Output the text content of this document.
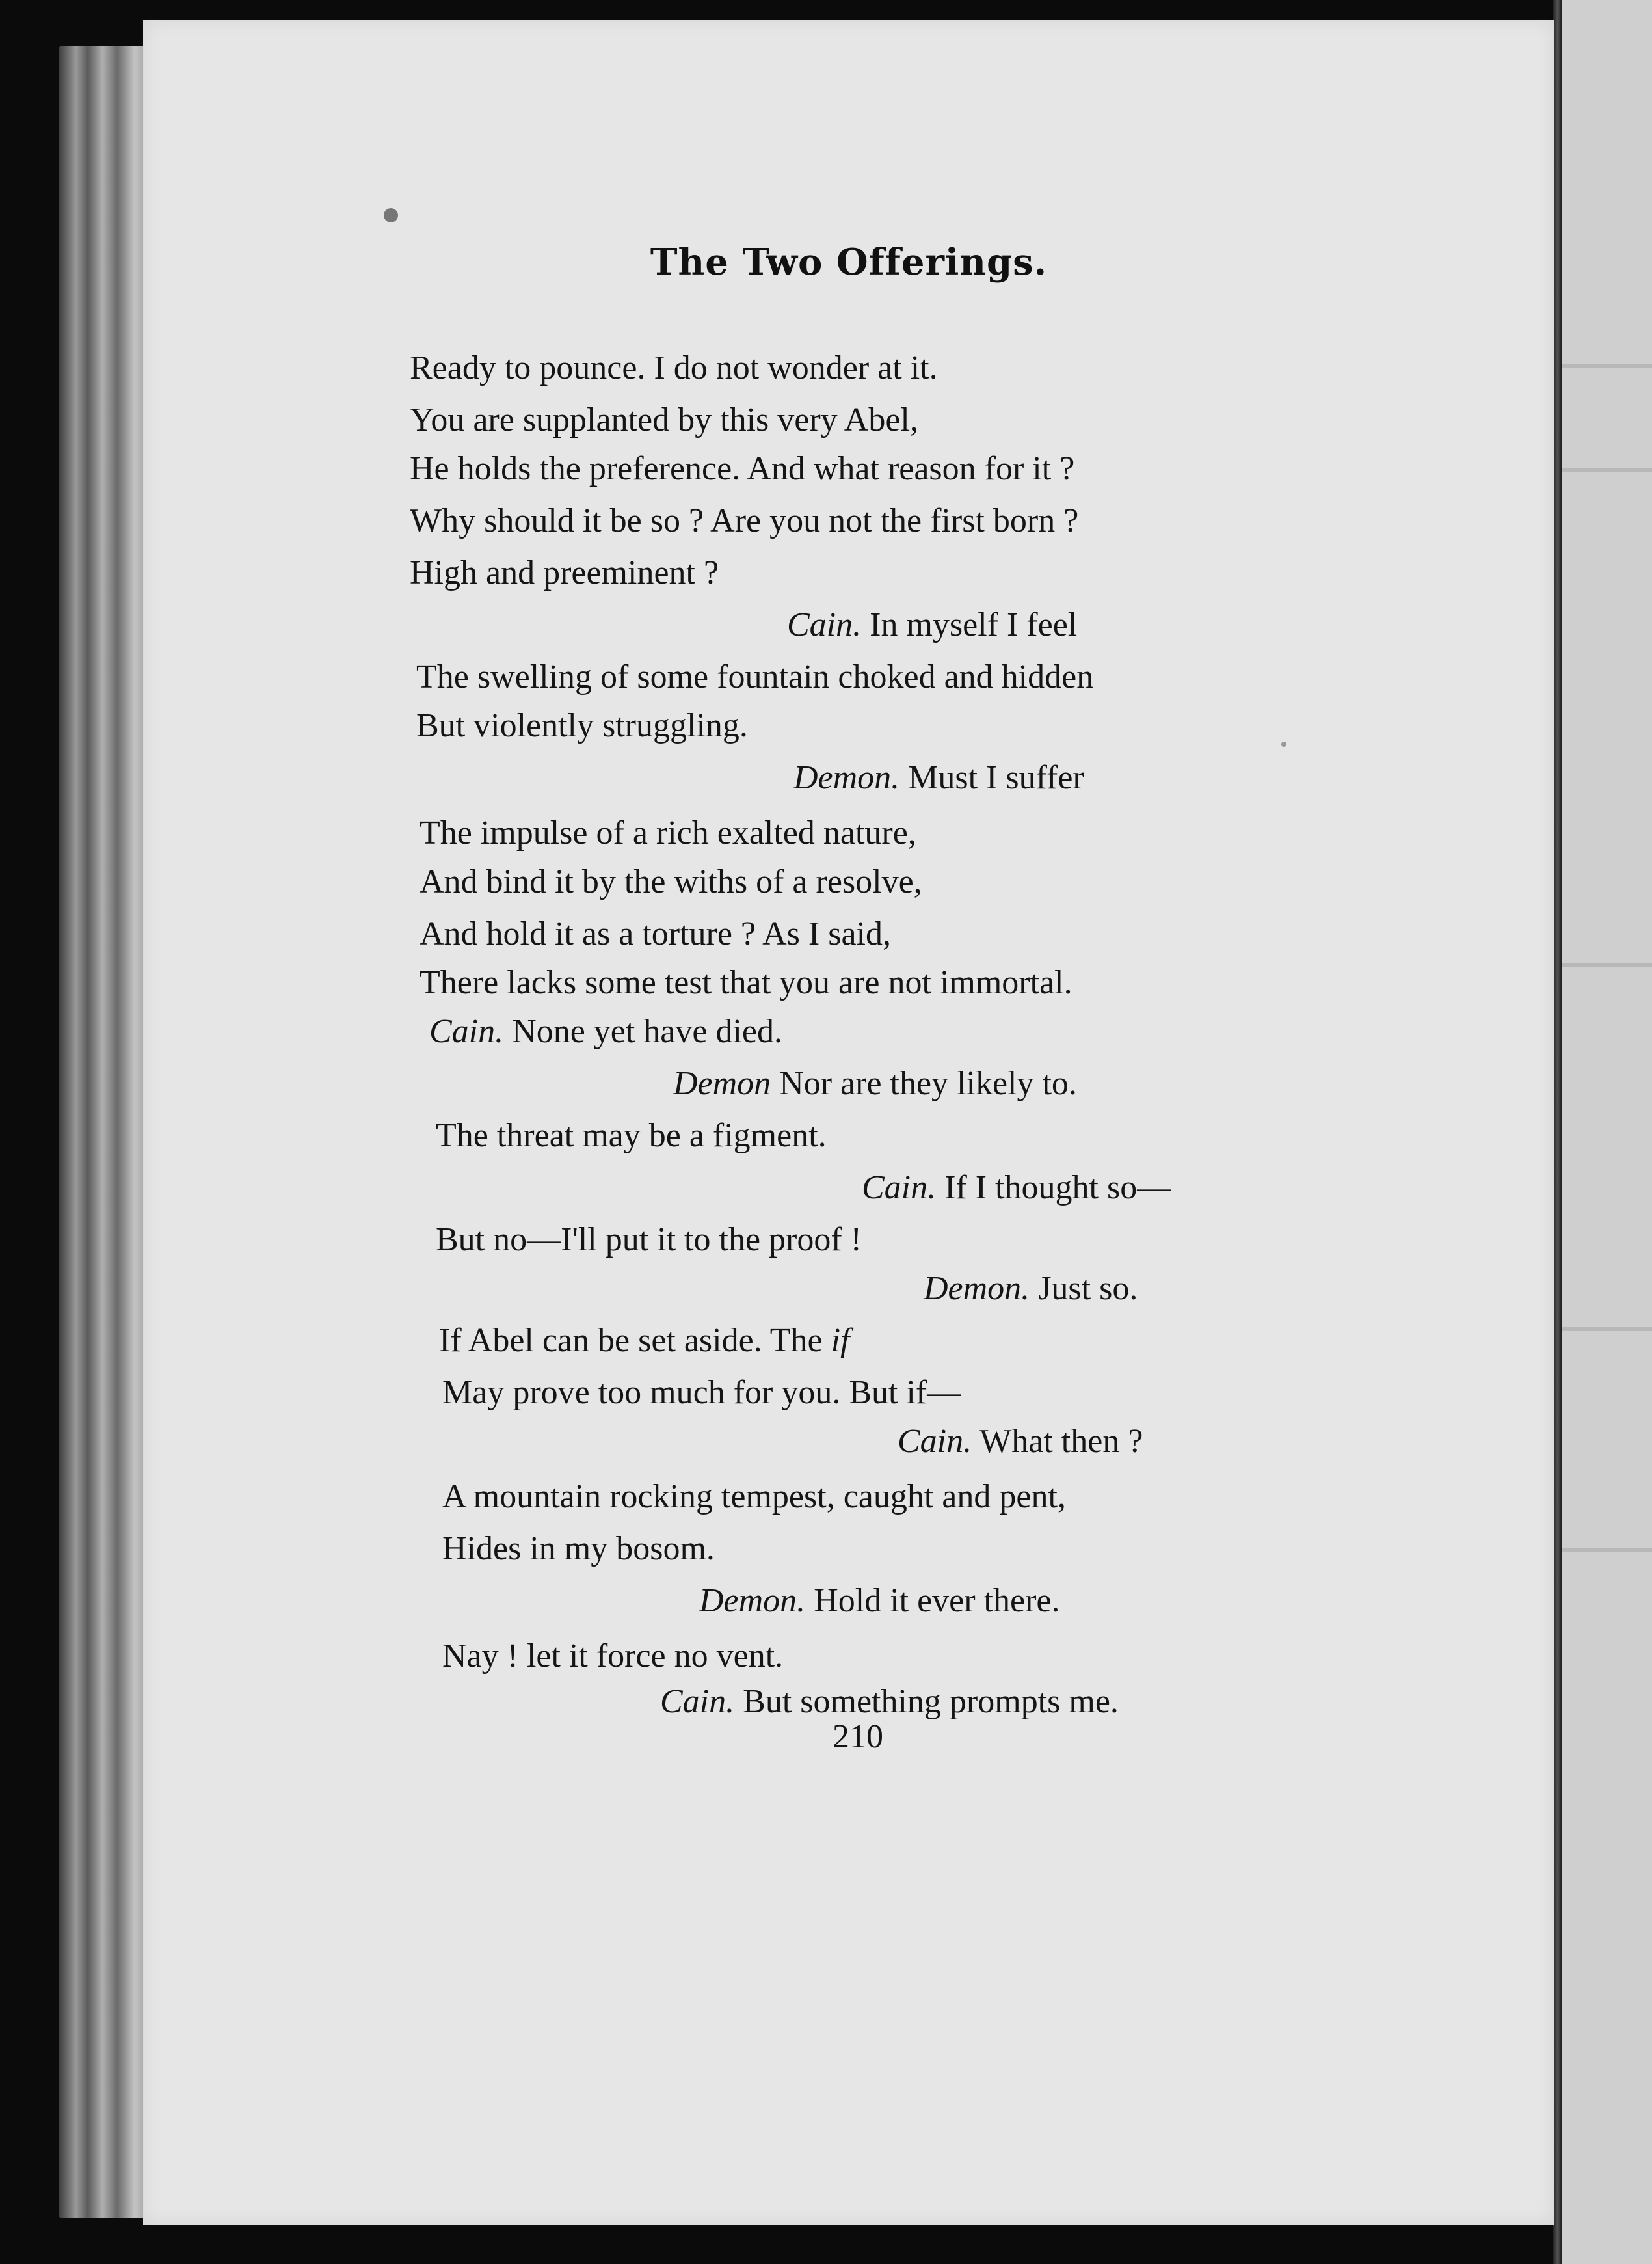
The Two Offerings.
Ready to pounce. I do not wonder at it.
You are supplanted by this very Abel,
He holds the preference. And what reason for it ?
Why should it be so ? Are you not the first born ?
High and preeminent ?
Cain. In myself I feel
The swelling of some fountain choked and hidden
But violently struggling.
Demon. Must I suffer
The impulse of a rich exalted nature,
And bind it by the withs of a resolve,
And hold it as a torture ? As I said,
There lacks some test that you are not immortal.
Cain. None yet have died.
Demon Nor are they likely to.
The threat may be a figment.
Cain. If I thought so—
But no—I'll put it to the proof !
Demon. Just so.
If Abel can be set aside. The if
May prove too much for you. But if—
Cain. What then ?
A mountain rocking tempest, caught and pent,
Hides in my bosom.
Demon. Hold it ever there.
Nay ! let it force no vent.
Cain. But something prompts me.
210
